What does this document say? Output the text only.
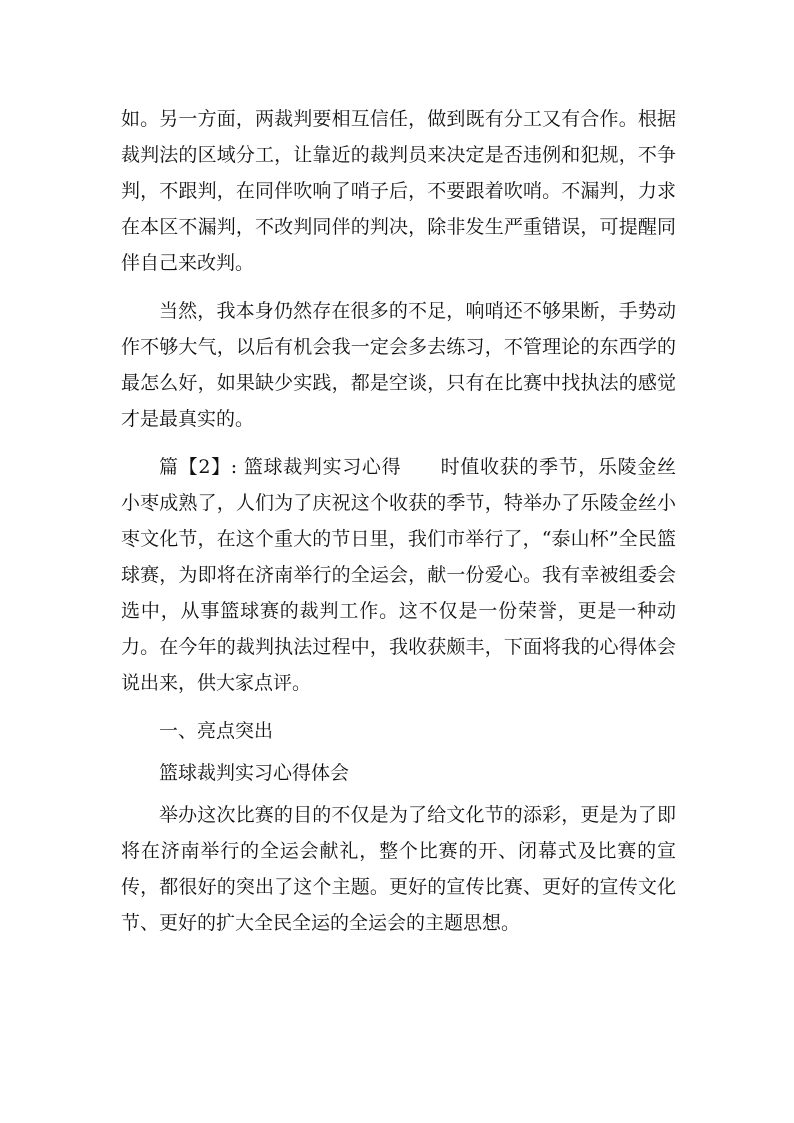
如。另一方面，两裁判要相互信任，做到既有分工又有合作。根据裁判法的区域分工，让靠近的裁判员来决定是否违例和犯规，不争判，不跟判，在同伴吹响了哨子后，不要跟着吹哨。不漏判，力求在本区不漏判，不改判同伴的判决，除非发生严重错误，可提醒同伴自己来改判。

当然，我本身仍然存在很多的不足，响哨还不够果断，手势动作不够大气，以后有机会我一定会多去练习，不管理论的东西学的最怎么好，如果缺少实践，都是空谈，只有在比赛中找执法的感觉才是最真实的。

篇【2】: 篮球裁判实习心得　　时值收获的季节，乐陵金丝小枣成熟了，人们为了庆祝这个收获的季节，特举办了乐陵金丝小枣文化节，在这个重大的节日里，我们市举行了，“泰山杯”全民篮球赛，为即将在济南举行的全运会，献一份爱心。我有幸被组委会选中，从事篮球赛的裁判工作。这不仅是一份荣誉，更是一种动力。在今年的裁判执法过程中，我收获颇丰，下面将我的心得体会说出来，供大家点评。

一、亮点突出

篮球裁判实习心得体会

举办这次比赛的目的不仅是为了给文化节的添彩，更是为了即将在济南举行的全运会献礼，整个比赛的开、闭幕式及比赛的宣传，都很好的突出了这个主题。更好的宣传比赛、更好的宣传文化节、更好的扩大全民全运的全运会的主题思想。
